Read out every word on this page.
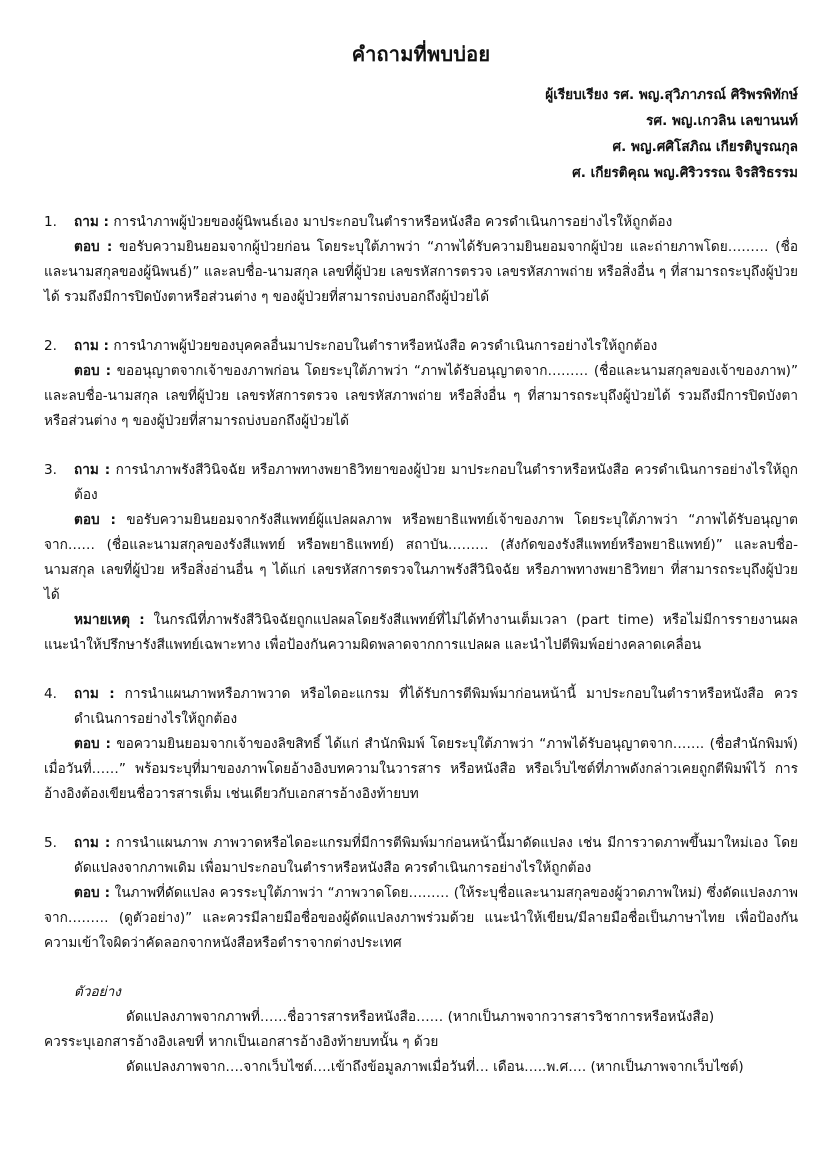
คำถามที่พบบ่อย
ผู้เรียบเรียง รศ. พญ.สุวิภาภรณ์ ศิริพรพิทักษ์
รศ. พญ.เกวลิน เลขานนท์
ศ. พญ.ศศิโสภิณ เกียรติบูรณกุล
ศ. เกียรติคุณ พญ.ศิริวรรณ จิรสิริธรรม
1.	ถาม : การนำภาพผู้ป่วยของผู้นิพนธ์เอง มาประกอบในตำราหรือหนังสือ ควรดำเนินการอย่างไรให้ถูกต้อง
ตอบ : ขอรับความยินยอมจากผู้ป่วยก่อน โดยระบุใต้ภาพว่า “ภาพได้รับความยินยอมจากผู้ป่วย และถ่ายภาพโดย……… (ชื่อและนามสกุลของผู้นิพนธ์)” และลบชื่อ-นามสกุล เลขที่ผู้ป่วย เลขรหัสการตรวจ เลขรหัสภาพถ่าย หรือสิ่งอื่น ๆ ที่สามารถระบุถึงผู้ป่วยได้ รวมถึงมีการปิดบังตาหรือส่วนต่าง ๆ ของผู้ป่วยที่สามารถบ่งบอกถึงผู้ป่วยได้
2.	ถาม : การนำภาพผู้ป่วยของบุคคลอื่นมาประกอบในตำราหรือหนังสือ ควรดำเนินการอย่างไรให้ถูกต้อง
ตอบ : ขออนุญาตจากเจ้าของภาพก่อน โดยระบุใต้ภาพว่า “ภาพได้รับอนุญาตจาก……… (ชื่อและนามสกุลของเจ้าของภาพ)” และลบชื่อ-นามสกุล เลขที่ผู้ป่วย เลขรหัสการตรวจ เลขรหัสภาพถ่าย หรือสิ่งอื่น ๆ ที่สามารถระบุถึงผู้ป่วยได้ รวมถึงมีการปิดบังตาหรือส่วนต่าง ๆ ของผู้ป่วยที่สามารถบ่งบอกถึงผู้ป่วยได้
3.	ถาม : การนำภาพรังสีวินิจฉัย หรือภาพทางพยาธิวิทยาของผู้ป่วย มาประกอบในตำราหรือหนังสือ ควรดำเนินการอย่างไรให้ถูกต้อง
ตอบ : ขอรับความยินยอมจากรังสีแพทย์ผู้แปลผลภาพ หรือพยาธิแพทย์เจ้าของภาพ โดยระบุใต้ภาพว่า “ภาพได้รับอนุญาตจาก…… (ชื่อและนามสกุลของรังสีแพทย์ หรือพยาธิแพทย์) สถาบัน……… (สังกัดของรังสีแพทย์หรือพยาธิแพทย์)” และลบชื่อ-นามสกุล เลขที่ผู้ป่วย หรือสิ่งอ่านอื่น ๆ ได้แก่ เลขรหัสการตรวจในภาพรังสีวินิจฉัย หรือภาพทางพยาธิวิทยา ที่สามารถระบุถึงผู้ป่วยได้
หมายเหตุ : ในกรณีที่ภาพรังสีวินิจฉัยถูกแปลผลโดยรังสีแพทย์ที่ไม่ได้ทำงานเต็มเวลา (part time) หรือไม่มีการรายงานผล แนะนำให้ปรึกษารังสีแพทย์เฉพาะทาง เพื่อป้องกันความผิดพลาดจากการแปลผล และนำไปตีพิมพ์อย่างคลาดเคลื่อน
4.	ถาม : การนำแผนภาพหรือภาพวาด หรือไดอะแกรม ที่ได้รับการตีพิมพ์มาก่อนหน้านี้ มาประกอบในตำราหรือหนังสือ ควรดำเนินการอย่างไรให้ถูกต้อง
ตอบ : ขอความยินยอมจากเจ้าของลิขสิทธิ์ ได้แก่ สำนักพิมพ์ โดยระบุใต้ภาพว่า “ภาพได้รับอนุญาตจาก……. (ชื่อสำนักพิมพ์) เมื่อวันที่……” พร้อมระบุที่มาของภาพโดยอ้างอิงบทความในวารสาร หรือหนังสือ หรือเว็บไซต์ที่ภาพดังกล่าวเคยถูกตีพิมพ์ไว้ การอ้างอิงต้องเขียนชื่อวารสารเต็ม เช่นเดียวกับเอกสารอ้างอิงท้ายบท
5.	ถาม : การนำแผนภาพ ภาพวาดหรือไดอะแกรมที่มีการตีพิมพ์มาก่อนหน้านี้มาดัดแปลง เช่น มีการวาดภาพขึ้นมาใหม่เอง โดยดัดแปลงจากภาพเดิม เพื่อมาประกอบในตำราหรือหนังสือ ควรดำเนินการอย่างไรให้ถูกต้อง
ตอบ : ในภาพที่ดัดแปลง ควรระบุใต้ภาพว่า “ภาพวาดโดย……… (ให้ระบุชื่อและนามสกุลของผู้วาดภาพใหม่) ซึ่งดัดแปลงภาพจาก……… (ดูตัวอย่าง)” และควรมีลายมือชื่อของผู้ดัดแปลงภาพร่วมด้วย แนะนำให้เขียน/มีลายมือชื่อเป็นภาษาไทย เพื่อป้องกันความเข้าใจผิดว่าคัดลอกจากหนังสือหรือตำราจากต่างประเทศ
ตัวอย่าง
ดัดแปลงภาพจากภาพที่……ชื่อวารสารหรือหนังสือ…… (หากเป็นภาพจากวารสารวิชาการหรือหนังสือ)
ควรระบุเอกสารอ้างอิงเลขที่ หากเป็นเอกสารอ้างอิงท้ายบทนั้น ๆ ด้วย
ดัดแปลงภาพจาก….จากเว็บไซต์….เข้าถึงข้อมูลภาพเมื่อวันที่… เดือน…..พ.ศ…. (หากเป็นภาพจากเว็บไซต์)
